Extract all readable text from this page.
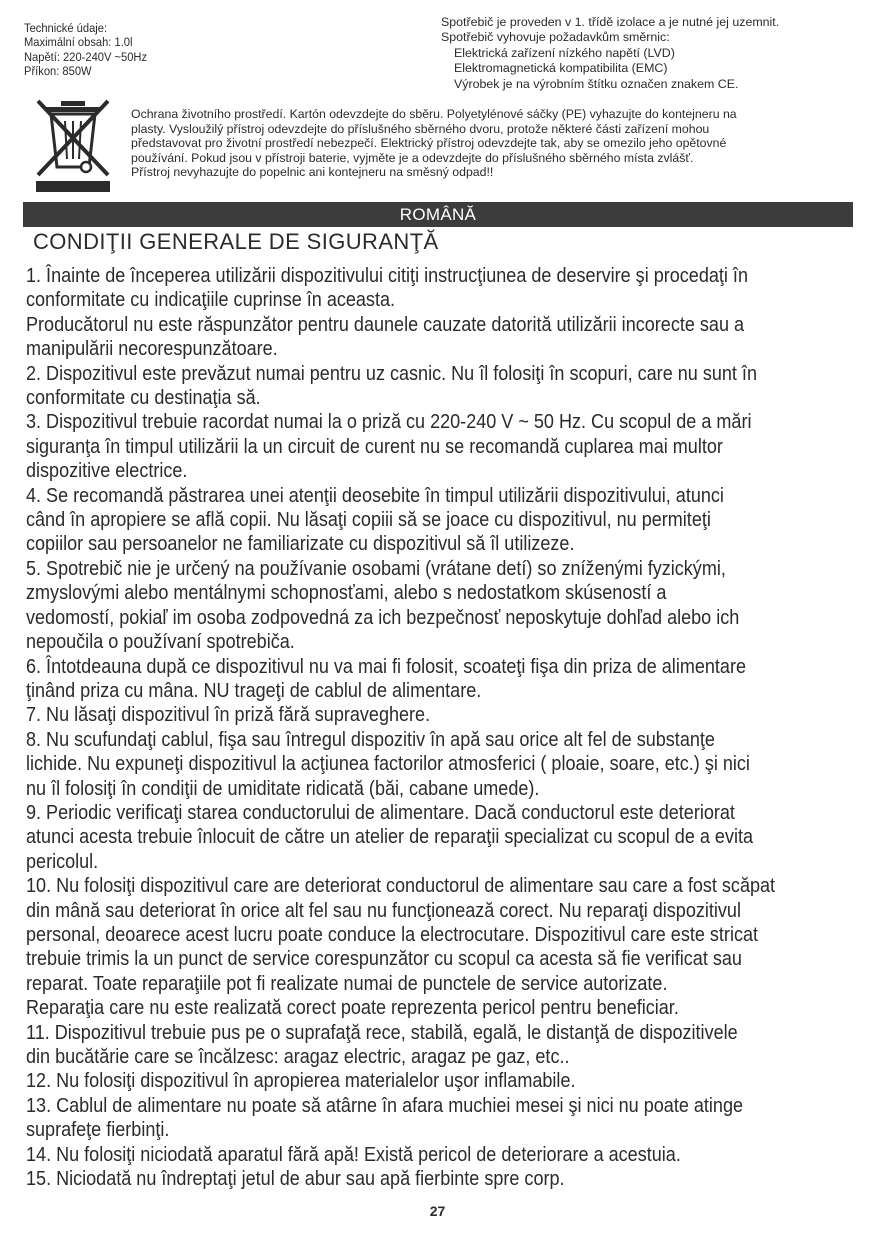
Technické údaje:
Maximální obsah: 1.0l
Napětí: 220-240V ~50Hz
Příkon: 850W
Spotřebič je proveden v 1. třídě izolace a je nutné jej uzemnit.
Spotřebič vyhovuje požadavkům směrnic:
Elektrická zařízení nízkého napětí (LVD)
Elektromagnetická kompatibilita (EMC)
Výrobek je na výrobním štítku označen znakem CE.
Ochrana životního prostředí. Kartón odevzdejte do sběru. Polyetylénové sáčky (PE) vyhazujte do kontejneru na
plasty. Vysloužilý přístroj odevzdejte do příslušného sběrného dvoru, protože některé části zařízení mohou
představovat pro životní prostředí nebezpečí. Elektrický přístroj odevzdejte tak, aby se omezilo jeho opětovné
používání. Pokud jsou v přístroji baterie, vyjměte je a odevzdejte do příslušného sběrného místa zvlášť.
Přístroj nevyhazujte do popelnic ani kontejneru na směsný odpad!!
ROMÂNĂ
CONDIŢII GENERALE DE SIGURANŢĂ
1. Înainte de începerea utilizării dispozitivului citiţi instrucţiunea de deservire şi procedaţi în
conformitate cu indicaţiile cuprinse în aceasta.
Producătorul nu este răspunzător pentru daunele cauzate datorită utilizării incorecte sau a
manipulării necorespunzătoare.
2. Dispozitivul este prevăzut numai pentru uz casnic. Nu îl folosiţi în scopuri, care nu sunt în
conformitate cu destinaţia să.
3. Dispozitivul trebuie racordat numai la o priză cu 220-240 V ~ 50 Hz. Cu scopul de a mări
siguranţa în timpul utilizării la un circuit de curent nu se recomandă cuplarea mai multor
dispozitive electrice.
4. Se recomandă păstrarea unei atenţii deosebite în timpul utilizării dispozitivului, atunci
când în apropiere se află copii. Nu lăsaţi copiii să se joace cu dispozitivul, nu permiteţi
copiilor sau persoanelor ne familiarizate cu dispozitivul să îl utilizeze.
5. Spotrebič nie je určený na používanie osobami (vrátane detí) so zníženými fyzickými,
zmyslovými alebo mentálnymi schopnosťami, alebo s nedostatkom skúseností a
vedomostí, pokiaľ im osoba zodpovedná za ich bezpečnosť neposkytuje dohľad alebo ich
nepoučila o používaní spotrebiča.
6. Întotdeauna după ce dispozitivul nu va mai fi folosit, scoateţi fişa din priza de alimentare
ţinând priza cu mâna. NU trageţi de cablul de alimentare.
7. Nu lăsaţi dispozitivul în priză fără supraveghere.
8. Nu scufundaţi cablul, fişa sau întregul dispozitiv în apă sau orice alt fel de substanţe
lichide. Nu expuneţi dispozitivul la acţiunea factorilor atmosferici ( ploaie, soare, etc.) şi nici
nu îl folosiţi în condiţii de umiditate ridicată (băi, cabane umede).
9. Periodic verificaţi starea conductorului de alimentare. Dacă conductorul este deteriorat
atunci acesta trebuie înlocuit de către un atelier de reparaţii specializat cu scopul de a evita
pericolul.
10. Nu folosiţi dispozitivul care are deteriorat conductorul de alimentare sau care a fost scăpat
din mână sau deteriorat în orice alt fel sau nu funcţionează corect. Nu reparaţi dispozitivul
personal, deoarece acest lucru poate conduce la electrocutare. Dispozitivul care este stricat
trebuie trimis la un punct de service corespunzător cu scopul ca acesta să fie verificat sau
reparat. Toate reparaţiile pot fi realizate numai de punctele de service autorizate.
Reparaţia care nu este realizată corect poate reprezenta pericol pentru beneficiar.
11. Dispozitivul trebuie pus pe o suprafaţă rece, stabilă, egală, le distanţă de dispozitivele
din bucătărie care se încălzesc: aragaz electric, aragaz pe gaz, etc..
12. Nu folosiţi dispozitivul în apropierea materialelor uşor inflamabile.
13. Cablul de alimentare nu poate să atârne în afara muchiei mesei şi nici nu poate atinge
suprafeţe fierbinţi.
14. Nu folosiţi niciodată aparatul fără apă! Există pericol de deteriorare a acestuia.
15. Niciodată nu îndreptaţi jetul de abur sau apă fierbinte spre corp.
27
